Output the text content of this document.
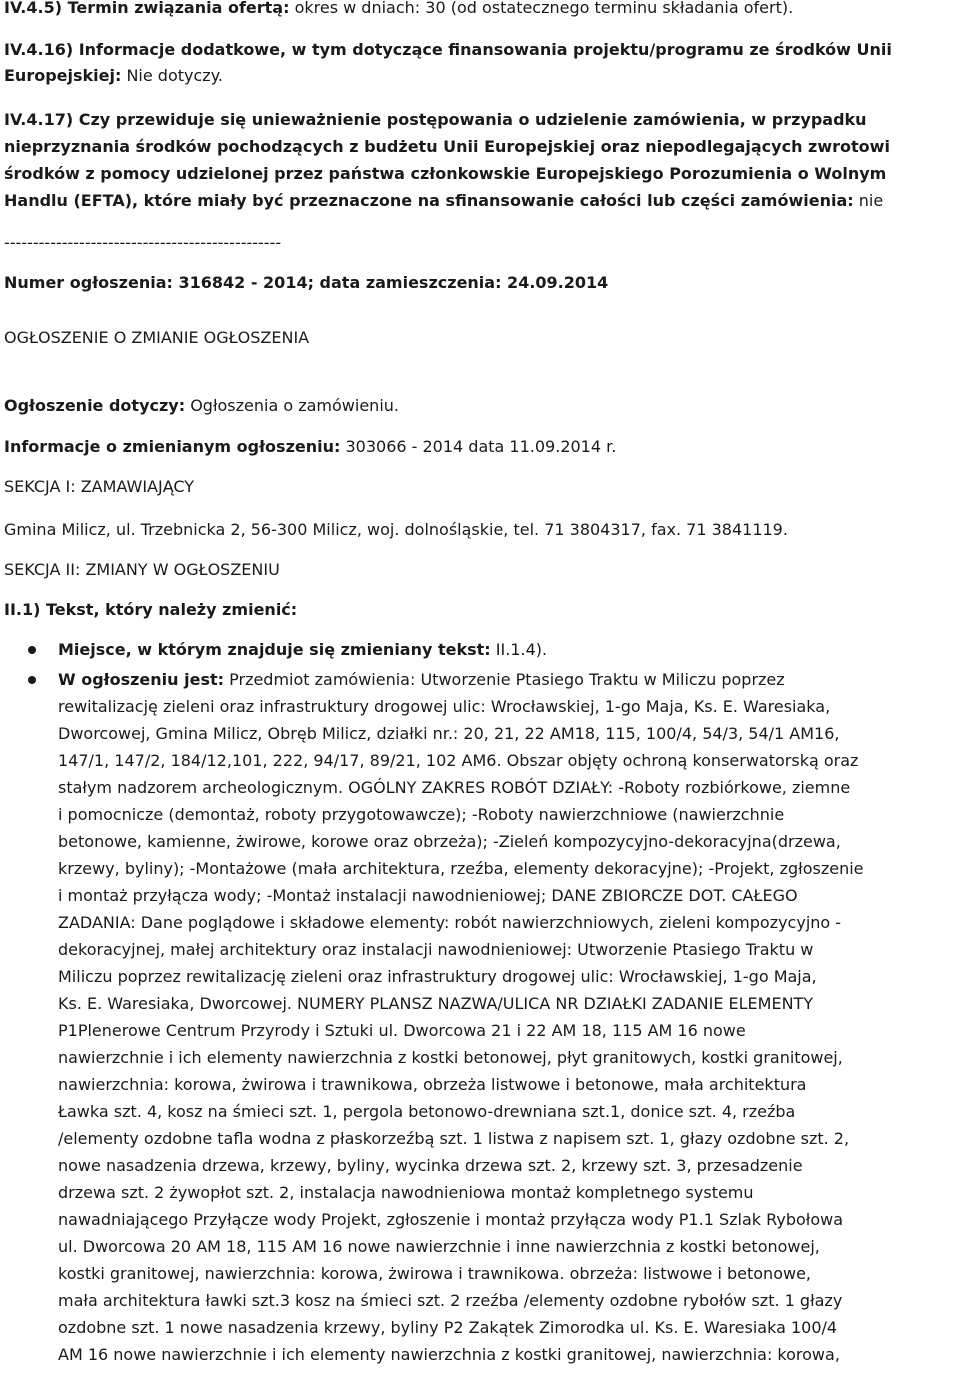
IV.4.5) Termin związania ofertą: okres w dniach: 30 (od ostatecznego terminu składania ofert).
IV.4.16) Informacje dodatkowe, w tym dotyczące finansowania projektu/programu ze środków Unii
Europejskiej: Nie dotyczy.
IV.4.17) Czy przewiduje się unieważnienie postępowania o udzielenie zamówienia, w przypadku
nieprzyznania środków pochodzących z budżetu Unii Europejskiej oraz niepodlegających zwrotowi
środków z pomocy udzielonej przez państwa członkowskie Europejskiego Porozumienia o Wolnym
Handlu (EFTA), które miały być przeznaczone na sfinansowanie całości lub części zamówienia: nie
------------------------------------------------
Numer ogłoszenia: 316842 - 2014; data zamieszczenia: 24.09.2014
OGŁOSZENIE O ZMIANIE OGŁOSZENIA
Ogłoszenie dotyczy: Ogłoszenia o zamówieniu.
Informacje o zmienianym ogłoszeniu: 303066 - 2014 data 11.09.2014 r.
SEKCJA I: ZAMAWIAJĄCY
Gmina Milicz, ul. Trzebnicka 2, 56-300 Milicz, woj. dolnośląskie, tel. 71 3804317, fax. 71 3841119.
SEKCJA II: ZMIANY W OGŁOSZENIU
II.1) Tekst, który należy zmienić:
Miejsce, w którym znajduje się zmieniany tekst: II.1.4).
W ogłoszeniu jest: Przedmiot zamówienia: Utworzenie Ptasiego Traktu w Miliczu poprzez
rewitalizację zieleni oraz infrastruktury drogowej ulic: Wrocławskiej, 1-go Maja, Ks. E. Waresiaka,
Dworcowej, Gmina Milicz, Obręb Milicz, działki nr.: 20, 21, 22 AM18, 115, 100/4, 54/3, 54/1 AM16,
147/1, 147/2, 184/12,101, 222, 94/17, 89/21, 102 AM6. Obszar objęty ochroną konserwatorską oraz
stałym nadzorem archeologicznym. OGÓLNY ZAKRES ROBÓT DZIAŁY: -Roboty rozbiórkowe, ziemne
i pomocnicze (demontaż, roboty przygotowawcze); -Roboty nawierzchniowe (nawierzchnie
betonowe, kamienne, żwirowe, korowe oraz obrzeża); -Zieleń kompozycyjno-dekoracyjna(drzewa,
krzewy, byliny); -Montażowe (mała architektura, rzeźba, elementy dekoracyjne); -Projekt, zgłoszenie
i montaż przyłącza wody; -Montaż instalacji nawodnieniowej; DANE ZBIORCZE DOT. CAŁEGO
ZADANIA: Dane poglądowe i składowe elementy: robót nawierzchniowych, zieleni kompozycyjno -
dekoracyjnej, małej architektury oraz instalacji nawodnieniowej: Utworzenie Ptasiego Traktu w
Miliczu poprzez rewitalizację zieleni oraz infrastruktury drogowej ulic: Wrocławskiej, 1-go Maja,
Ks. E. Waresiaka, Dworcowej. NUMERY PLANSZ NAZWA/ULICA NR DZIAŁKI ZADANIE ELEMENTY
P1Plenerowe Centrum Przyrody i Sztuki ul. Dworcowa 21 i 22 AM 18, 115 AM 16 nowe
nawierzchnie i ich elementy nawierzchnia z kostki betonowej, płyt granitowych, kostki granitowej,
nawierzchnia: korowa, żwirowa i trawnikowa, obrzeża listwowe i betonowe, mała architektura
Ławka szt. 4, kosz na śmieci szt. 1, pergola betonowo-drewniana szt.1, donice szt. 4, rzeźba
/elementy ozdobne tafla wodna z płaskorzeźbą szt. 1 listwa z napisem szt. 1, głazy ozdobne szt. 2,
nowe nasadzenia drzewa, krzewy, byliny, wycinka drzewa szt. 2, krzewy szt. 3, przesadzenie
drzewa szt. 2 żywopłot szt. 2, instalacja nawodnieniowa montaż kompletnego systemu
nawadniającego Przyłącze wody Projekt, zgłoszenie i montaż przyłącza wody P1.1 Szlak Rybołowa
ul. Dworcowa 20 AM 18, 115 AM 16 nowe nawierzchnie i inne nawierzchnia z kostki betonowej,
kostki granitowej, nawierzchnia: korowa, żwirowa i trawnikowa. obrzeża: listwowe i betonowe,
mała architektura ławki szt.3 kosz na śmieci szt. 2 rzeźba /elementy ozdobne rybołów szt. 1 głazy
ozdobne szt. 1 nowe nasadzenia krzewy, byliny P2 Zakątek Zimorodka ul. Ks. E. Waresiaka 100/4
AM 16 nowe nawierzchnie i ich elementy nawierzchnia z kostki granitowej, nawierzchnia: korowa,
